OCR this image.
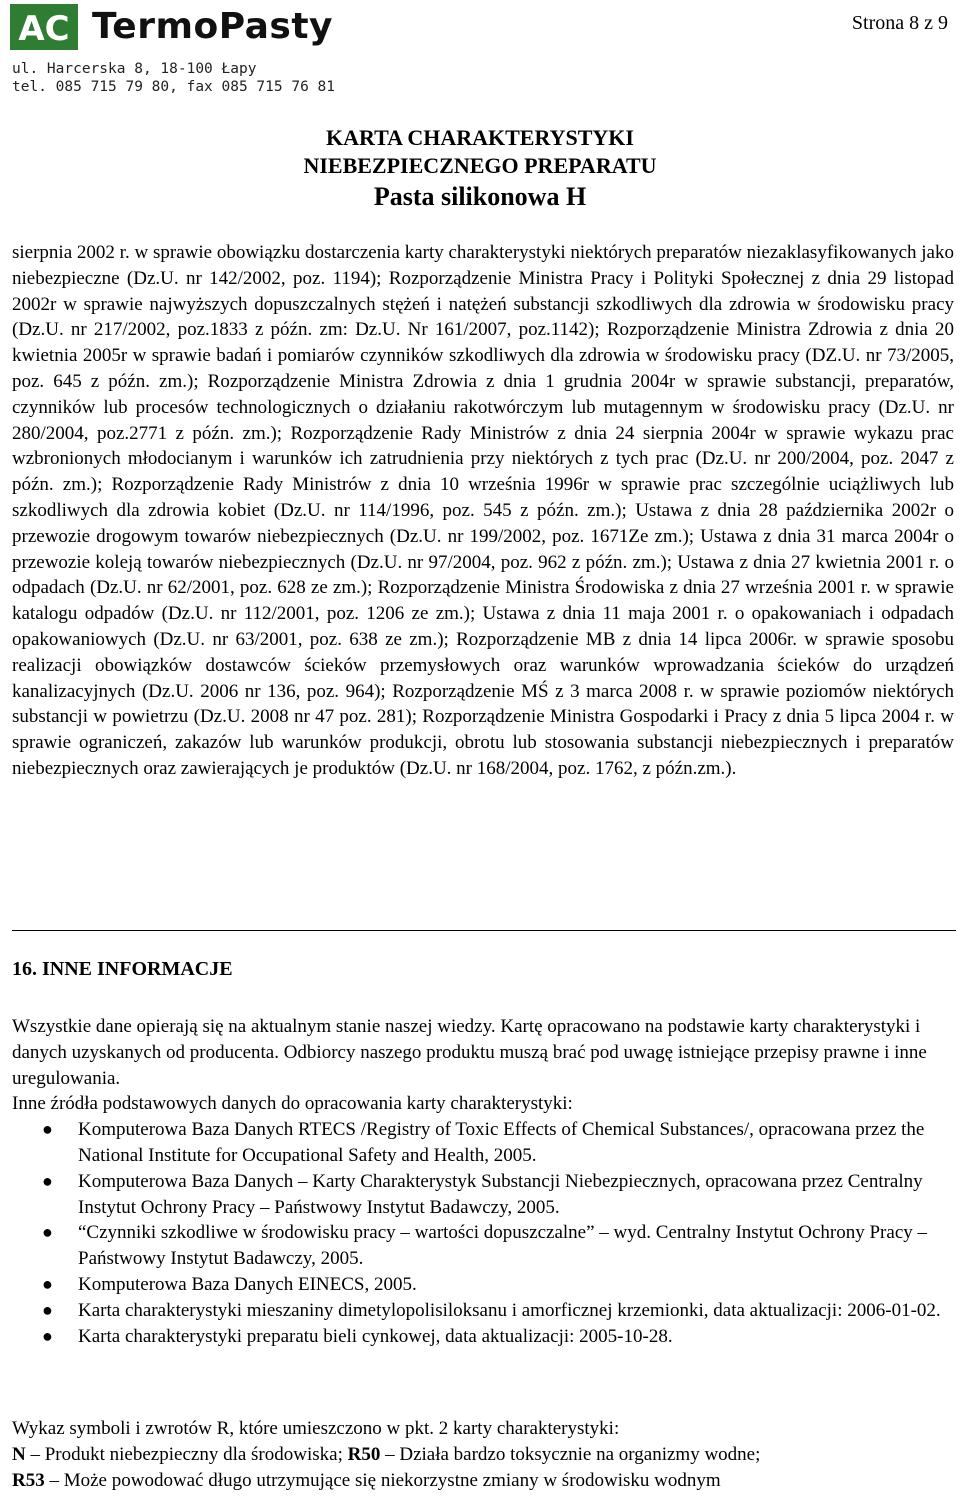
AC TermoPasty
ul. Harcerska 8, 18-100 Łapy
tel. 085 715 79 80, fax 085 715 76 81
Strona 8 z 9
KARTA CHARAKTERYSTYKI
NIEBEZPIECZNEGO PREPARATU
Pasta silikonowa H
sierpnia 2002 r. w sprawie obowiązku dostarczenia karty charakterystyki niektórych preparatów niezaklasyfikowanych jako niebezpieczne (Dz.U. nr 142/2002, poz. 1194); Rozporządzenie Ministra Pracy i Polityki Społecznej z dnia 29 listopad 2002r w sprawie najwyższych dopuszczalnych stężeń i natężeń substancji szkodliwych dla zdrowia w środowisku pracy (Dz.U. nr 217/2002, poz.1833 z późn. zm: Dz.U. Nr 161/2007, poz.1142); Rozporządzenie Ministra Zdrowia z dnia 20 kwietnia 2005r w sprawie badań i pomiarów czynników szkodliwych dla zdrowia w środowisku pracy (DZ.U. nr 73/2005, poz. 645 z późn. zm.); Rozporządzenie Ministra Zdrowia z dnia 1 grudnia 2004r w sprawie substancji, preparatów, czynników lub procesów technologicznych o działaniu rakotwórczym lub mutagennym w środowisku pracy (Dz.U. nr 280/2004, poz.2771 z późn. zm.); Rozporządzenie Rady Ministrów z dnia 24 sierpnia 2004r w sprawie wykazu prac wzbronionych młodocianym i warunków ich zatrudnienia przy niektórych z tych prac (Dz.U. nr 200/2004, poz. 2047 z późn. zm.); Rozporządzenie Rady Ministrów z dnia 10 września 1996r w sprawie prac szczególnie uciążliwych lub szkodliwych dla zdrowia kobiet (Dz.U. nr 114/1996, poz. 545 z późn. zm.); Ustawa z dnia 28 października 2002r o przewozie drogowym towarów niebezpiecznych (Dz.U. nr 199/2002, poz. 1671Ze zm.); Ustawa z dnia 31 marca 2004r o przewozie koleją towarów niebezpiecznych (Dz.U. nr 97/2004, poz. 962 z późn. zm.); Ustawa z dnia 27 kwietnia 2001 r. o odpadach (Dz.U. nr 62/2001, poz. 628 ze zm.); Rozporządzenie Ministra Środowiska z dnia 27 września 2001 r. w sprawie katalogu odpadów (Dz.U. nr 112/2001, poz. 1206 ze zm.); Ustawa z dnia 11 maja 2001 r. o opakowaniach i odpadach opakowaniowych (Dz.U. nr 63/2001, poz. 638 ze zm.); Rozporządzenie MB z dnia 14 lipca 2006r. w sprawie sposobu realizacji obowiązków dostawców ścieków przemysłowych oraz warunków wprowadzania ścieków do urządzeń kanalizacyjnych (Dz.U. 2006 nr 136, poz. 964); Rozporządzenie MŚ z 3 marca 2008 r. w sprawie poziomów niektórych substancji w powietrzu (Dz.U. 2008 nr 47 poz. 281); Rozporządzenie Ministra Gospodarki i Pracy z dnia 5 lipca 2004 r. w sprawie ograniczeń, zakazów lub warunków produkcji, obrotu lub stosowania substancji niebezpiecznych i preparatów niebezpiecznych oraz zawierających je produktów (Dz.U. nr 168/2004, poz. 1762, z późn.zm.).
16. INNE INFORMACJE

Wszystkie dane opierają się na aktualnym stanie naszej wiedzy. Kartę opracowano na podstawie karty charakterystyki i danych uzyskanych od producenta. Odbiorcy naszego produktu muszą brać pod uwagę istniejące przepisy prawne i inne uregulowania.

Inne źródła podstawowych danych do opracowania karty charakterystyki:

● Komputerowa Baza Danych RTECS /Registry of Toxic Effects of Chemical Substances/, opracowana przez the National Institute for Occupational Safety and Health, 2005.
● Komputerowa Baza Danych – Karty Charakterystyk Substancji Niebezpiecznych, opracowana przez Centralny Instytut Ochrony Pracy – Państwowy Instytut Badawczy, 2005.
● “Czynniki szkodliwe w środowisku pracy – wartości dopuszczalne” – wyd. Centralny Instytut Ochrony Pracy – Państwowy Instytut Badawczy, 2005.
● Komputerowa Baza Danych EINECS, 2005.
● Karta charakterystyki mieszaniny dimetylopolisiloksanu i amorficznej krzemionki, data aktualizacji: 2006-01-02.
● Karta charakterystyki preparatu bieli cynkowej, data aktualizacji: 2005-10-28.

Wykaz symboli i zwrotów R, które umieszczono w pkt. 2 karty charakterystyki:

N – Produkt niebezpieczny dla środowiska; R50 – Działa bardzo toksycznie na organizmy wodne;

R53 – Może powodować długo utrzymujące się niekorzystne zmiany w środowisku wodnym
